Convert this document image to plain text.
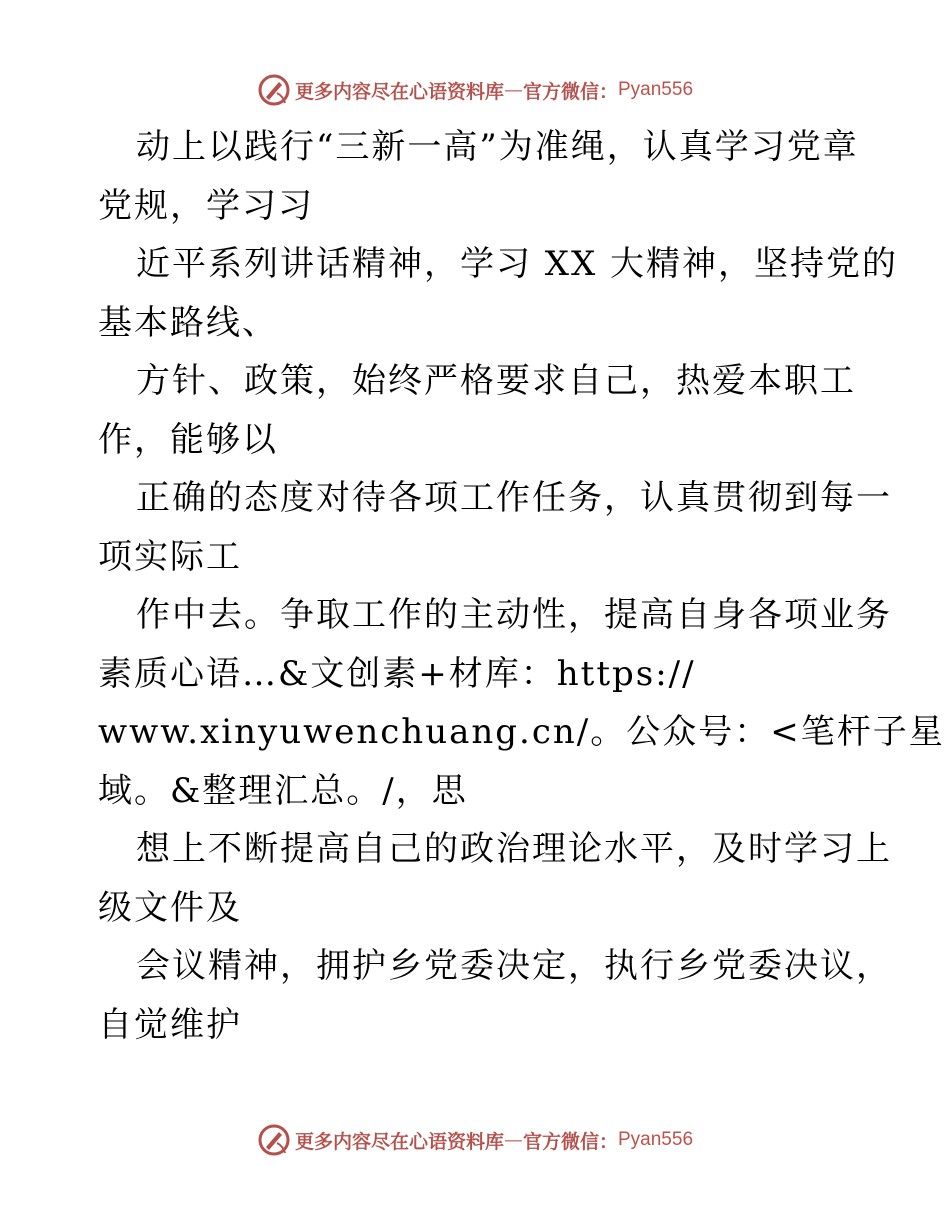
更多内容尽在心语资料库 — 官方微信： Pyan556
动上以践行“三新一高”为准绳，认真学习党章
党规，学习习
近平系列讲话精神，学习 XX 大精神，坚持党的
基本路线、
方针、政策，始终严格要求自己，热爱本职工
作，能够以
正确的态度对待各项工作任务，认真贯彻到每一
项实际工
作中去。争取工作的主动性，提高自身各项业务
素质心语…&文创素+材库：https://
www.xinyuwenchuang.cn/。公众号：<笔杆子星
域。&整理汇总。/，思
想上不断提高自己的政治理论水平，及时学习上
级文件及
会议精神，拥护乡党委决定，执行乡党委决议，
自觉维护
更多内容尽在心语资料库 — 官方微信： Pyan556
